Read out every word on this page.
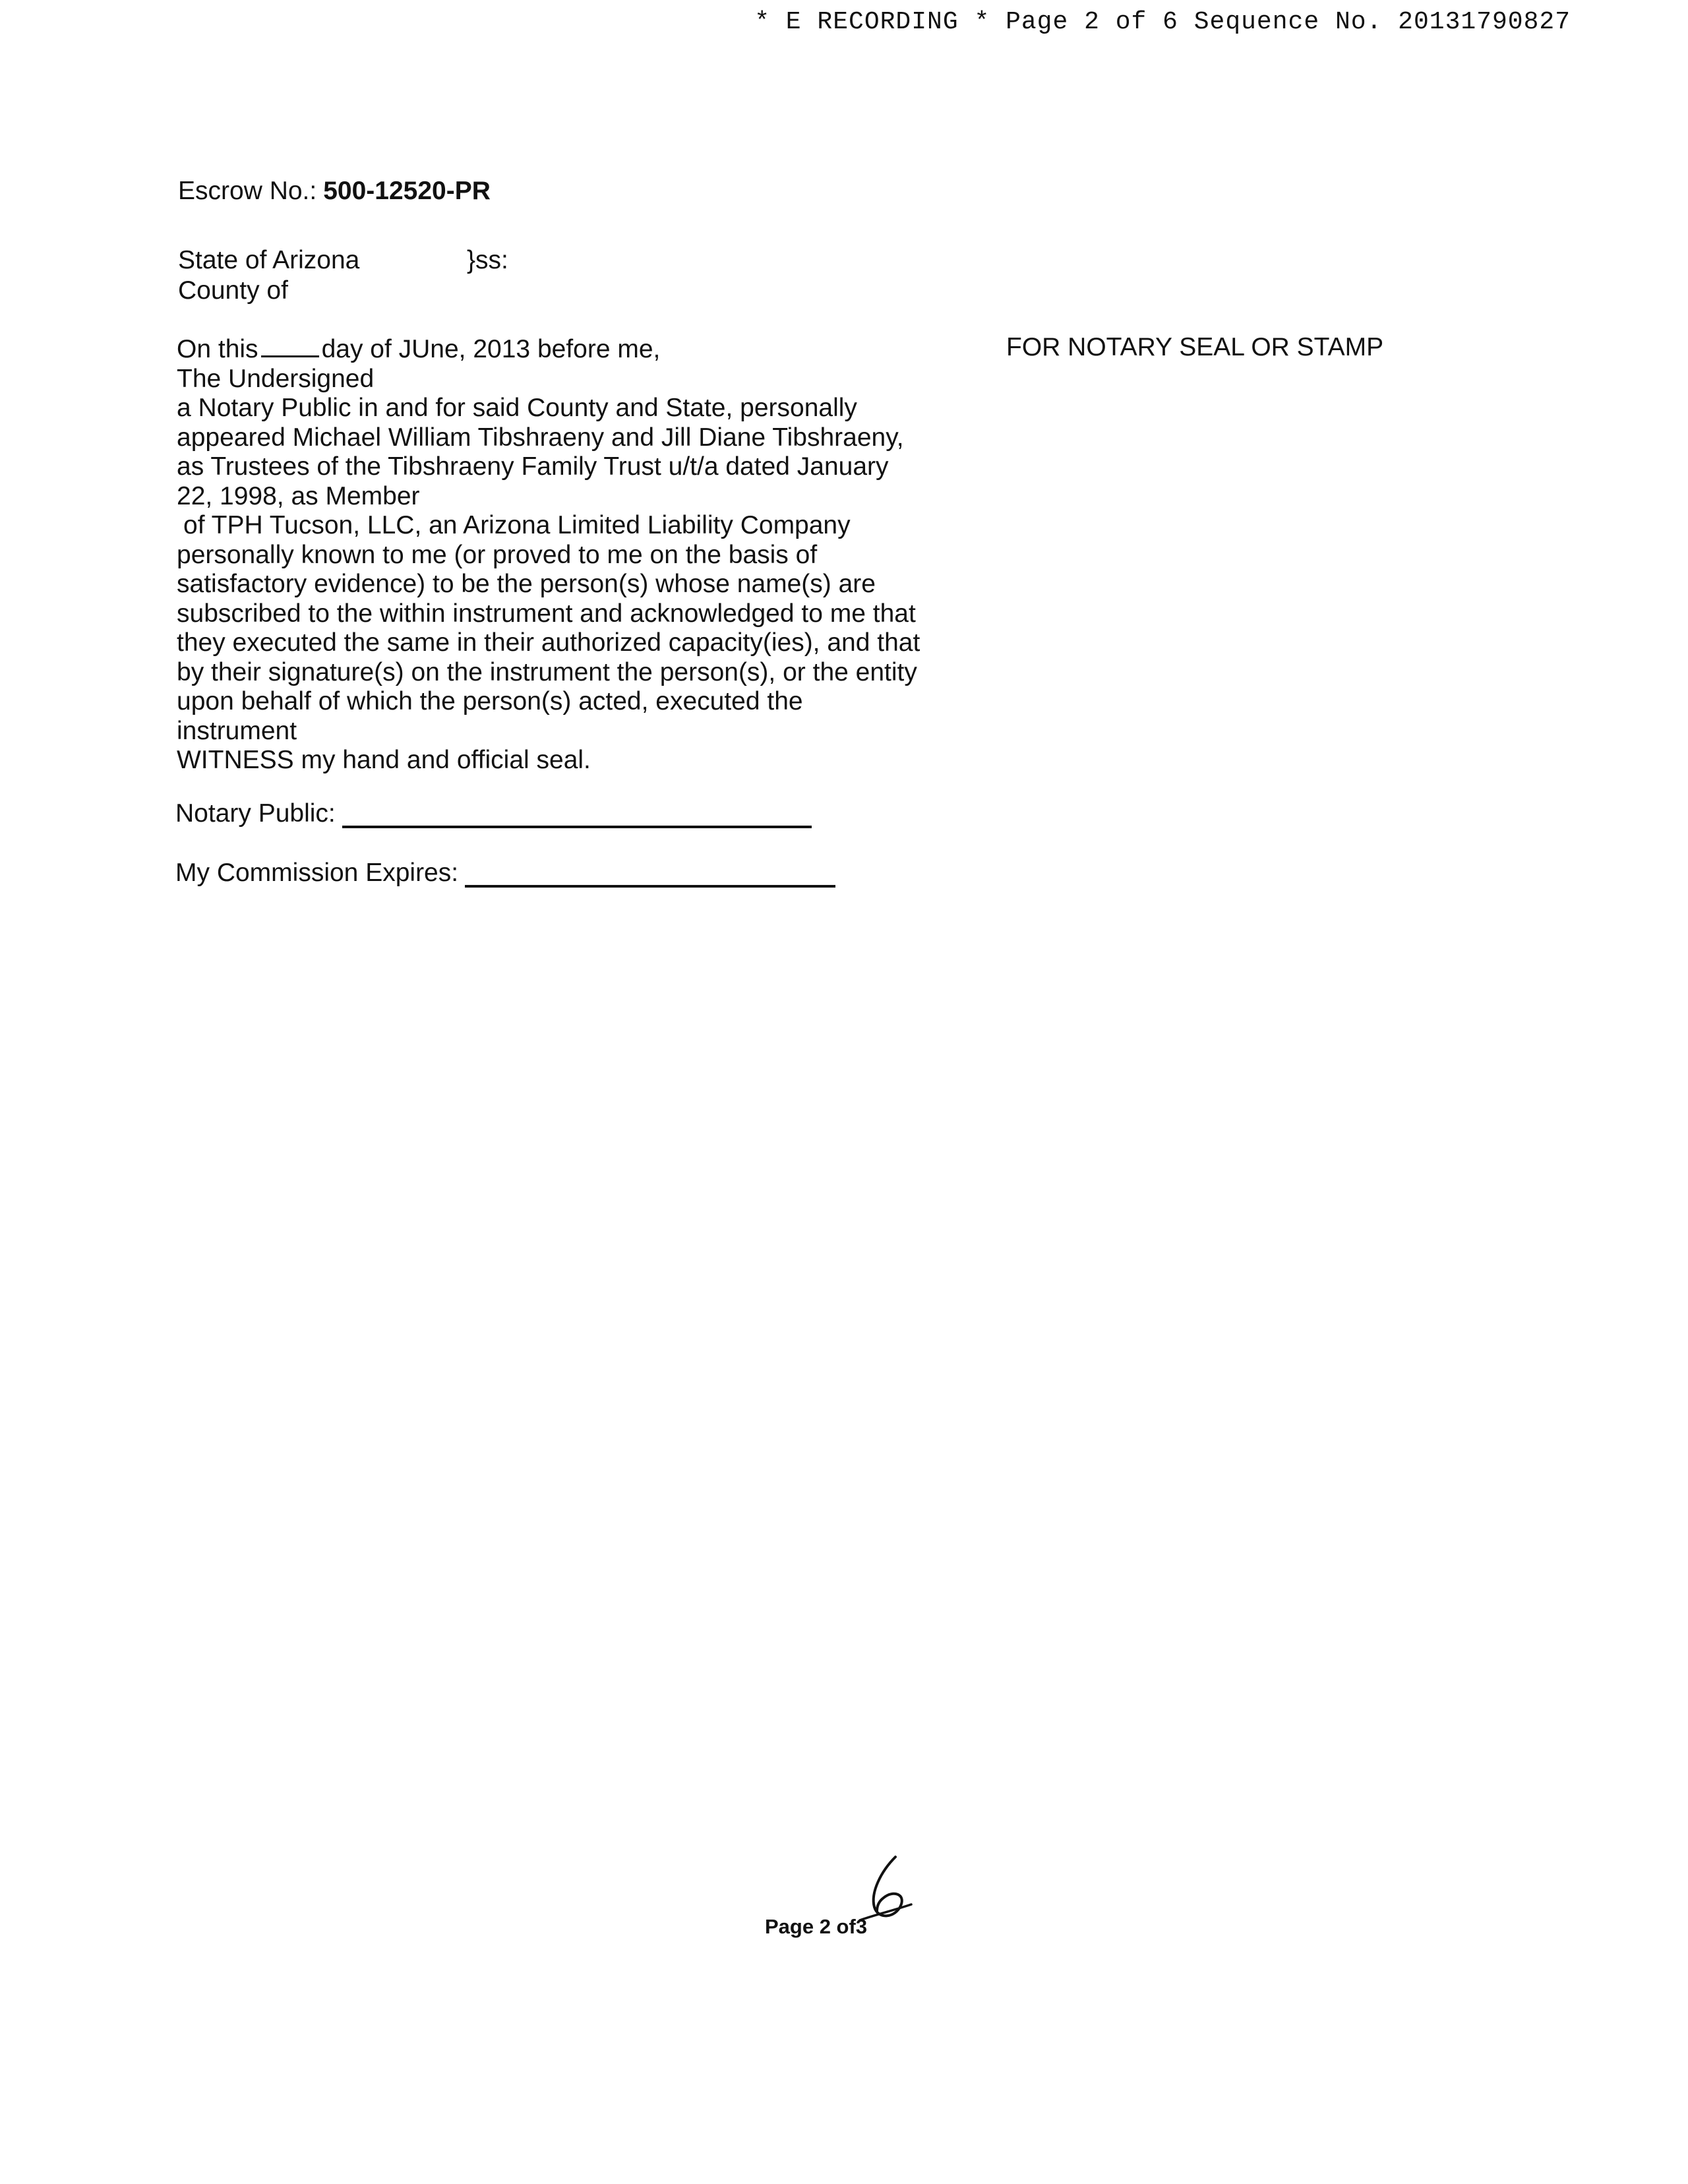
* E RECORDING * Page 2 of 6 Sequence No. 20131790827
Escrow No.: 500-12520-PR
State of Arizona	}ss:
County of

On this day of JUne, 2013 before me,

The Undersigned

a Notary Public in and for said County and State, personally

appeared Michael William Tibshraeny and Jill Diane Tibshraeny,

as Trustees of the Tibshraeny Family Trust u/t/a dated January

22, 1998, as Member

of TPH Tucson, LLC, an Arizona Limited Liability Company

personally known to me (or proved to me on the basis of

satisfactory evidence) to be the person(s) whose name(s) are

subscribed to the within instrument and acknowledged to me that

they executed the same in their authorized capacity(ies), and that

by their signature(s) on the instrument the person(s), or the entity

upon behalf of which the person(s) acted, executed the

instrument

WITNESS my hand and official seal.

FOR NOTARY SEAL OR STAMP
Notary Public:
My Commission Expires:
Page 2 of3
